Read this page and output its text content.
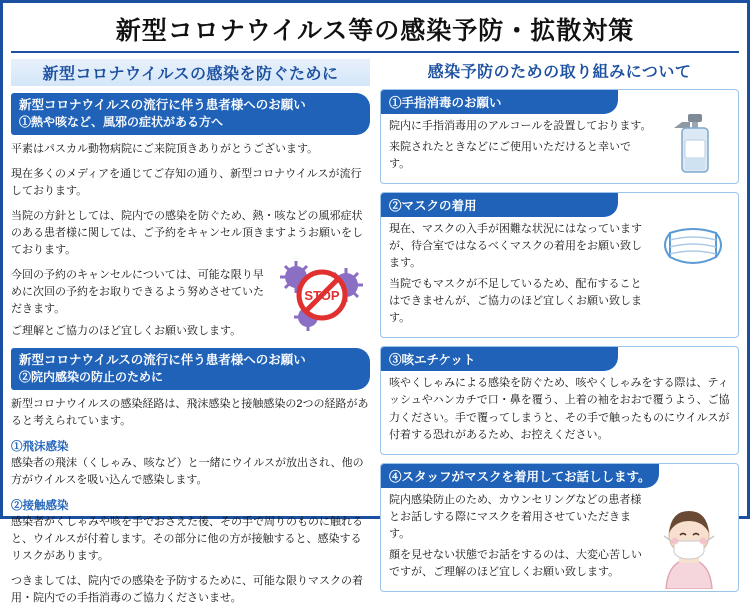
新型コロナウイルス等の感染予防・拡散対策
新型コロナウイルスの感染を防ぐために
新型コロナウイルスの流行に伴う患者様へのお願い
①熱や咳など、風邪の症状がある方へ

平素はパスカル動物病院にご来院頂きありがとうございます。

現在多くのメディアを通じてご存知の通り、新型コロナウイルスが流行しております。

当院の方針としては、院内での感染を防ぐため、熱・咳などの風邪症状のある患者様に関しては、ご予約をキャンセル頂きますようお願いをしております。

STOP

今回の予約のキャンセルについては、可能な限り早めに次回の予約をお取りできるよう努めさせていただきます。

ご理解とご協力のほど宜しくお願い致します。

新型コロナウイルスの流行に伴う患者様へのお願い
②院内感染の防止のために

新型コロナウイルスの感染経路は、飛沫感染と接触感染の2つの経路があると考えられています。

①飛沫感染

感染者の飛沫（くしゃみ、咳など）と一緒にウイルスが放出され、他の方がウイルスを吸い込んで感染します。

②接触感染

感染者がくしゃみや咳を手でおさえた後、その手で周りのものに触れると、ウイルスが付着します。その部分に他の方が接触すると、感染するリスクがあります。

つきましては、院内での感染を予防するために、可能な限りマスクの着用・院内での手指消毒のご協力くださいませ。

感染予防のための取り組みについて
①手指消毒のお願い

院内に手指消毒用のアルコールを設置しております。

来院されたときなどにご使用いただけると幸いです。

②マスクの着用

現在、マスクの入手が困難な状況にはなっていますが、待合室ではなるべくマスクの着用をお願い致します。

当院でもマスクが不足しているため、配布することはできませんが、ご協力のほど宜しくお願い致します。

③咳エチケット

咳やくしゃみによる感染を防ぐため、咳やくしゃみをする際は、ティッシュやハンカチで口・鼻を覆う、上着の袖をおおで覆うよう、ご協力ください。手で覆ってしまうと、その手で触ったものにウイルスが付着する恐れがあるため、お控えください。

④スタッフがマスクを着用してお話しします。

院内感染防止のため、カウンセリングなどの患者様とお話しする際にマスクを着用させていただきます。

顔を見せない状態でお話をするのは、大変心苦しいですが、ご理解のほど宜しくお願い致します。
